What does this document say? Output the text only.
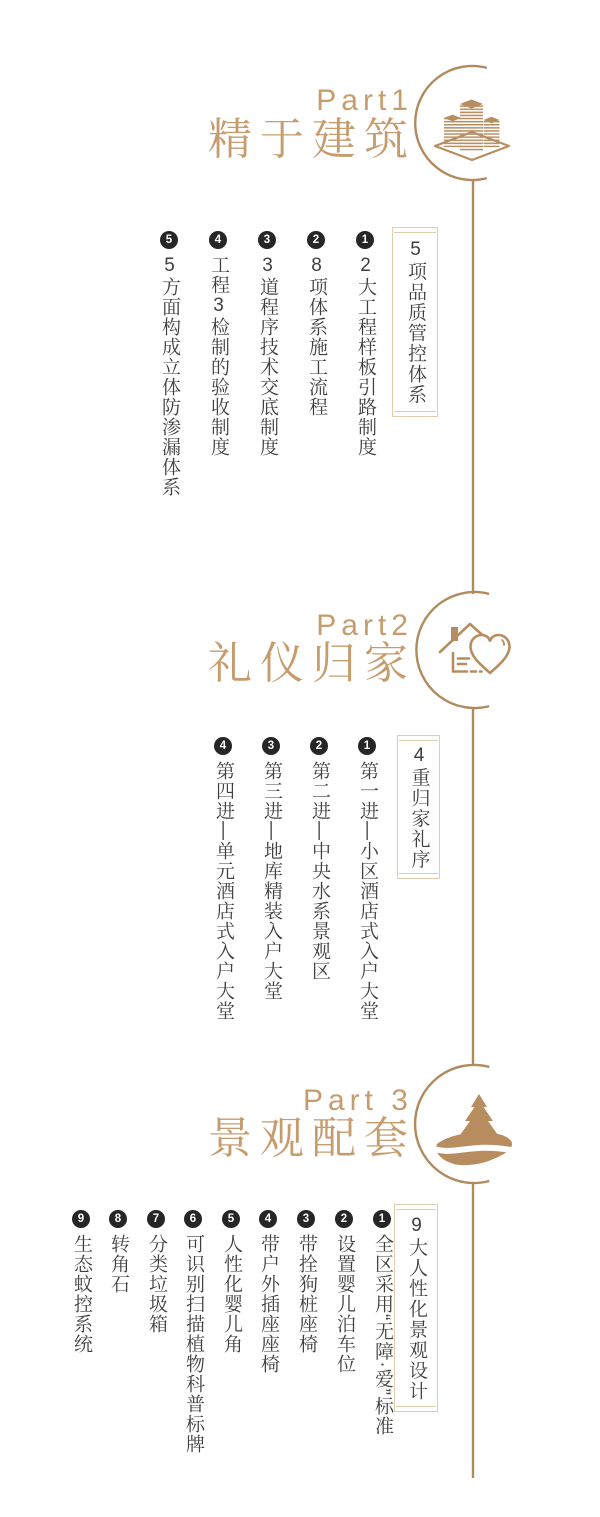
Part1
精于建筑
5项品质管控体系
1
2大工程样板引路制度
2
8项体系施工流程
3
3道程序技术交底制度
4
工程3检制的验收制度
5
5方面构成立体防渗漏体系
Part2
礼仪归家
4重归家礼序
1
第一进—小区酒店式入户大堂
2
第二进—中央水系景观区
3
第三进—地库精装入户大堂
4
第四进—单元酒店式入户大堂
Part 3
景观配套
9大人性化景观设计
1
全区采用“无障·爱”标准
2
设置婴儿泊车位
3
带拴狗桩座椅
4
带户外插座座椅
5
人性化婴儿角
6
可识别扫描植物科普标牌
7
分类垃圾箱
8
转角石
9
生态蚊控系统
